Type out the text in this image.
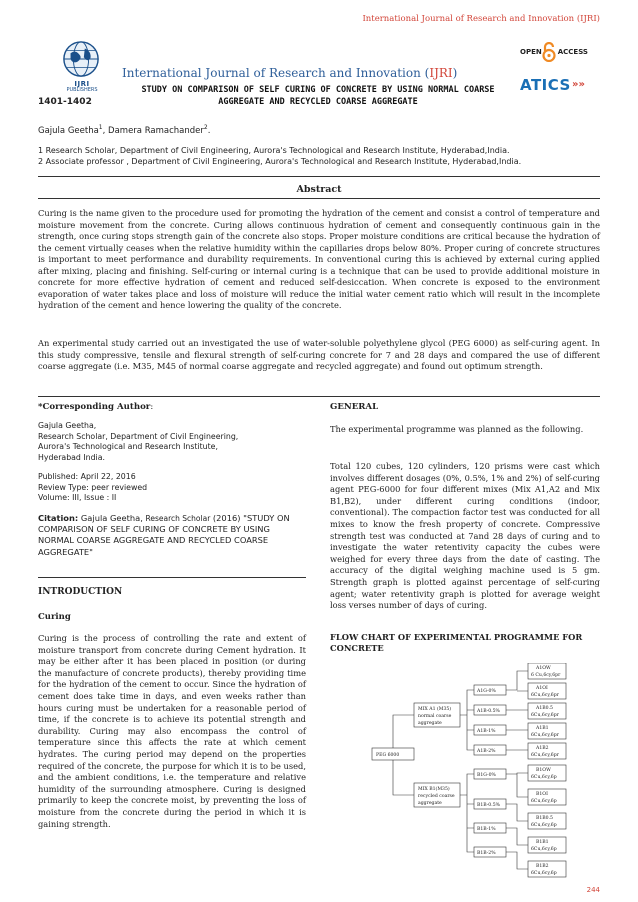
International Journal of Research and Innovation (IJRI)
IJRI
PUBLISHERS
1401-1402
International Journal of Research and Innovation (IJRI)
STUDY ON COMPARISON OF SELF CURING OF CONCRETE BY USING NORMAL COARSE AGGREGATE AND RECYCLED COARSE AGGREGATE
OPEN ACCESS
ATICS »»
Gajula Geetha$^1$, Damera Ramachander$^2$.
1 Research Scholar, Department of Civil Engineering, Aurora's Technological and Research Institute, Hyderabad,India.
2 Associate professor , Department of Civil Engineering, Aurora's Technological and Research Institute, Hyderabad,India.
Abstract

Curing is the name given to the procedure used for promoting the hydration of the cement and consist a control of temperature and moisture movement from the concrete. Curing allows continuous hydration of cement and consequently continuous gain in the strength, once curing stops strength gain of the concrete also stops. Proper moisture conditions are critical because the hydration of the cement virtually ceases when the relative humidity within the capillaries drops below 80%. Proper curing of concrete structures is important to meet performance and durability requirements. In conventional curing this is achieved by external curing applied after mixing, placing and finishing. Self-curing or internal curing is a technique that can be used to provide additional moisture in concrete for more effective hydration of cement and reduced self-desiccation. When concrete is exposed to the environment evaporation of water takes place and loss of moisture will reduce the initial water cement ratio which will result in the incomplete hydration of the cement and hence lowering the quality of the concrete.

An experimental study carried out an investigated the use of water-soluble polyethylene glycol (PEG 6000) as self-curing agent. In this study compressive, tensile and flexural strength of self-curing concrete for 7 and 28 days and compared the use of different coarse aggregate (i.e. M35, M45 of normal coarse aggregate and recycled aggregate) and found out optimum strength.

*Corresponding Author:
Gajula Geetha,
Research Scholar, Department of Civil Engineering,
Aurora's Technological and Research Institute,
Hyderabad India.
Published: April 22, 2016
Review Type: peer reviewed
Volume: III, Issue : II
Citation: Gajula Geetha, Research Scholar (2016) "STUDY ON COMPARISON OF SELF CURING OF CONCRETE BY USING NORMAL COARSE AGGREGATE AND RECYCLED COARSE AGGREGATE"
INTRODUCTION
Curing

Curing is the process of controlling the rate and extent of moisture transport from concrete during Cement hydration. It may be either after it has been placed in position (or during the manufacture of concrete products), thereby providing time for the hydration of the cement to occur. Since the hydration of cement does take time in days, and even weeks rather than hours curing must be undertaken for a reasonable period of time, if the concrete is to achieve its potential strength and durability. Curing may also encompass the control of temperature since this affects the rate at which cement hydrates. The curing period may depend on the properties required of the concrete, the purpose for which it is to be used, and the ambient conditions, i.e. the temperature and relative humidity of the surrounding atmosphere. Curing is designed primarily to keep the concrete moist, by preventing the loss of moisture from the concrete during the period in which it is gaining strength.

GENERAL

The experimental programme was planned as the following.

Total 120 cubes, 120 cylinders, 120 prisms were cast which involves different dosages (0%, 0.5%, 1% and 2%) of self-curing agent PEG-6000 for four different mixes (Mix A1,A2 and Mix B1,B2), under different curing conditions (indoor, conventional). The compaction factor test was conducted for all mixes to know the fresh property of concrete. Compressive strength test was conducted at 7and 28 days of curing and to investigate the water retentivity capacity the cubes were weighed for every three days from the date of casting. The accuracy of the digital weighing machine used is 5 gm. Strength graph is plotted against percentage of self-curing agent; water retentivity graph is plotted for average weight loss verses number of days of curing.

FLOW CHART OF EXPERIMENTAL PROGRAMME FOR CONCRETE
PEG 6000
MIX A1 (M35)
normal coarse
aggregate
MIX B1(M35)
recycled coarse
aggregate
A1G-0%
A1B-0.5%
A1B-1%
A1B-2%
B1G-0%
B1B-0.5%
B1B-1%
B1B-2%
A1OW
6 Cu,6cy,6pr
A1OI
6Cu,6cy,6pr
A1B0.5
6Cu,6cy,6pr
A1B1
6Cu,6cy,6pr
A1B2
6Cu,6cy,6pr
B1OW
6Cu,6cy,6p
B1OI
6Cu,6cy,6p
B1B0.5
6Cu,6cy,6p
B1B1
6Cu,6cy,6p
B1B2
6Cu,6cy,6p
244
